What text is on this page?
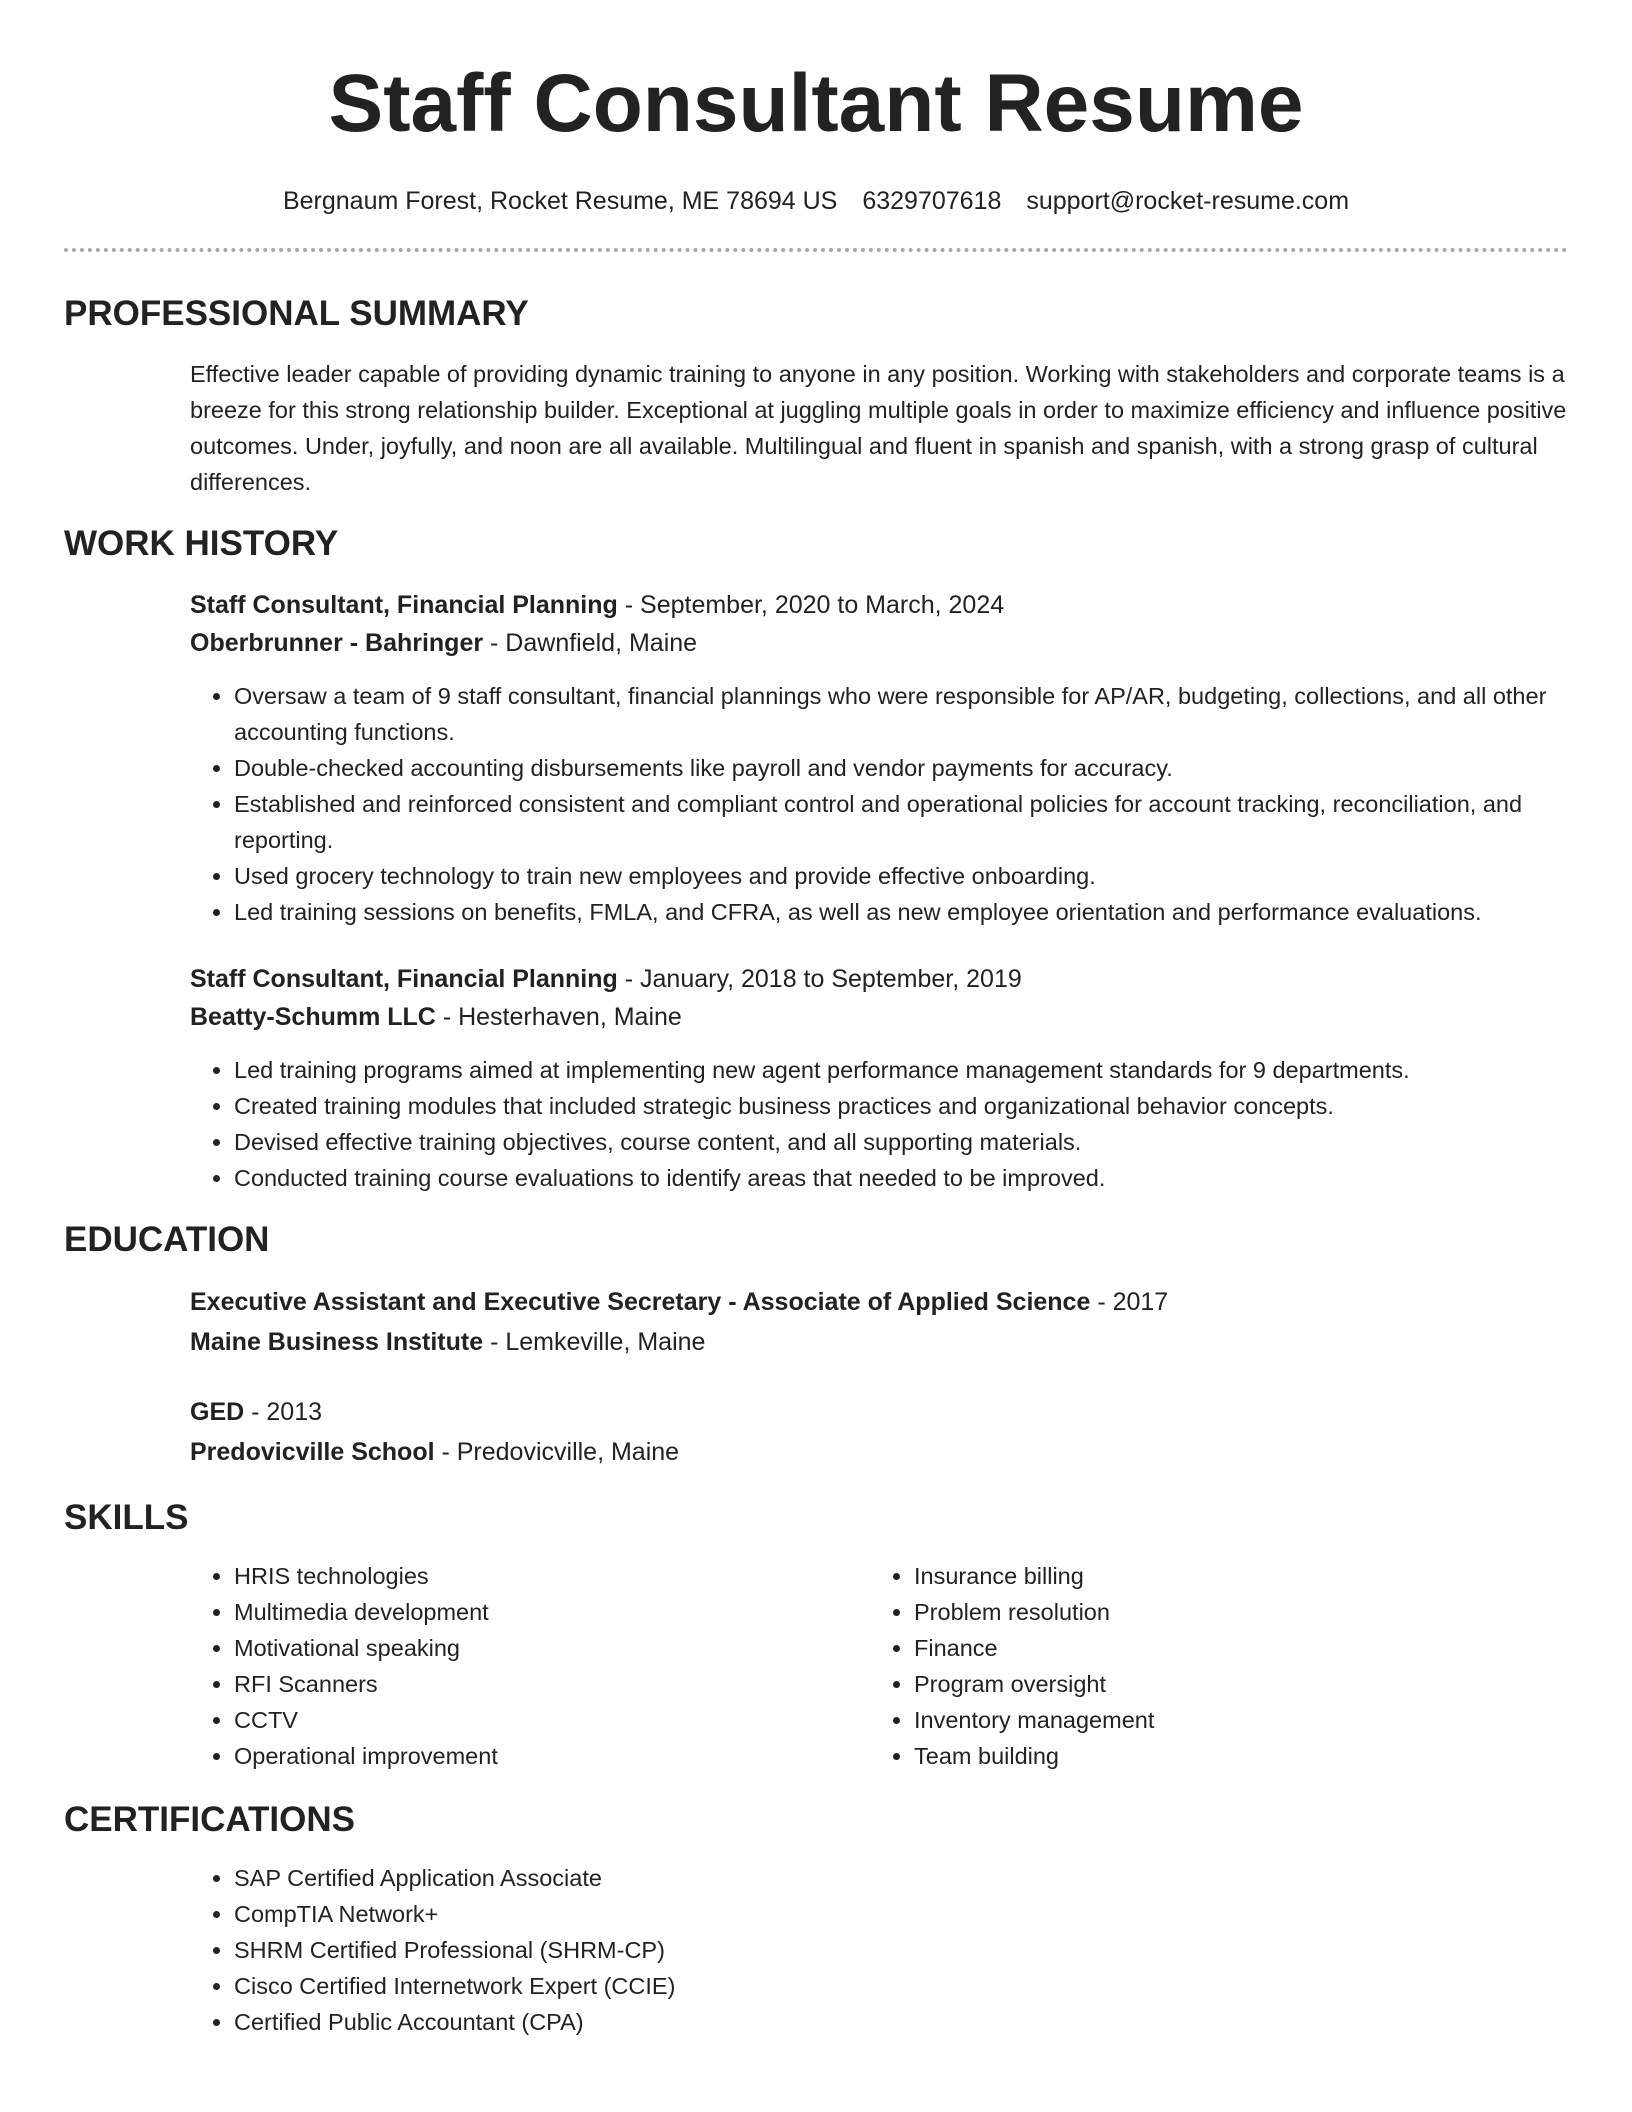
Staff Consultant Resume
Bergnaum Forest, Rocket Resume, ME 78694 US 6329707618 support@rocket-resume.com
PROFESSIONAL SUMMARY

Effective leader capable of providing dynamic training to anyone in any position. Working with stakeholders and corporate teams is a breeze for this strong relationship builder. Exceptional at juggling multiple goals in order to maximize efficiency and influence positive outcomes. Under, joyfully, and noon are all available. Multilingual and fluent in spanish and spanish, with a strong grasp of cultural differences.

WORK HISTORY
Staff Consultant, Financial Planning - September, 2020 to March, 2024
Oberbrunner - Bahringer - Dawnfield, Maine
• Oversaw a team of 9 staff consultant, financial plannings who were responsible for AP/AR, budgeting, collections, and all other accounting functions.
• Double-checked accounting disbursements like payroll and vendor payments for accuracy.
• Established and reinforced consistent and compliant control and operational policies for account tracking, reconciliation, and reporting.
• Used grocery technology to train new employees and provide effective onboarding.
• Led training sessions on benefits, FMLA, and CFRA, as well as new employee orientation and performance evaluations.
Staff Consultant, Financial Planning - January, 2018 to September, 2019
Beatty-Schumm LLC - Hesterhaven, Maine
• Led training programs aimed at implementing new agent performance management standards for 9 departments.
• Created training modules that included strategic business practices and organizational behavior concepts.
• Devised effective training objectives, course content, and all supporting materials.
• Conducted training course evaluations to identify areas that needed to be improved.
EDUCATION
Executive Assistant and Executive Secretary - Associate of Applied Science - 2017
Maine Business Institute - Lemkeville, Maine
GED - 2013
Predovicville School - Predovicville, Maine
SKILLS
• HRIS technologies
• Multimedia development
• Motivational speaking
• RFI Scanners
• CCTV
• Operational improvement
• Insurance billing
• Problem resolution
• Finance
• Program oversight
• Inventory management
• Team building
CERTIFICATIONS
• SAP Certified Application Associate
• CompTIA Network+
• SHRM Certified Professional (SHRM-CP)
• Cisco Certified Internetwork Expert (CCIE)
• Certified Public Accountant (CPA)
